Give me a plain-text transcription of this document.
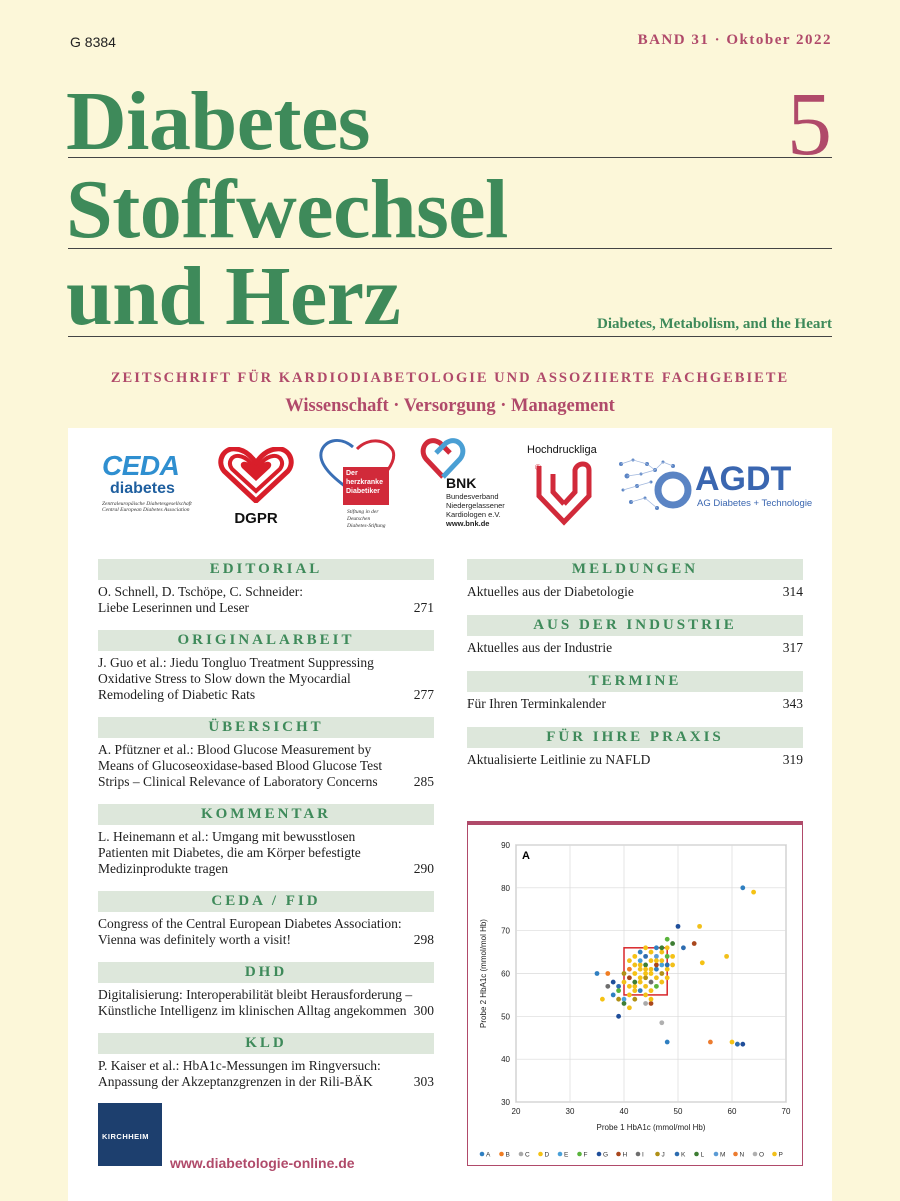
G 8384	BAND 31 · Oktober 2022
Diabetes
Stoffwechsel
und Herz
5
Diabetes, Metabolism, and the Heart
ZEITSCHRIFT FÜR KARDIODIABETOLOGIE UND ASSOZIIERTE FACHGEBIETE
Wissenschaft · Versorgung · Management
CEDA
diabetes
Zentraleuropäische Diabetesgesellschaft
Central European Diabetes Association	DGPR
Der
herzkranke
Diabetiker
Stiftung in der
Deutschen
Diabetes-Stiftung
BNK
Bundesverband
Niedergelassener
Kardiologen e.V.
www.bnk.de
Hochdruckliga
®	AGDT
AG Diabetes + Technologie
EDITORIAL
O. Schnell, D. Tschöpe, C. Schneider:
Liebe Leserinnen und Leser	271
ORIGINALARBEIT
J. Guo et al.: Jiedu Tongluo Treatment Suppressing
Oxidative Stress to Slow down the Myocardial
Remodeling of Diabetic Rats	277
ÜBERSICHT
A. Pfützner et al.: Blood Glucose Measurement by
Means of Glucoseoxidase-based Blood Glucose Test
Strips – Clinical Relevance of Laboratory Concerns	285
KOMMENTAR
L. Heinemann et al.: Umgang mit bewusstlosen
Patienten mit Diabetes, die am Körper befestigte
Medizinprodukte tragen	290
CEDA / FID
Congress of the Central European Diabetes Association:
Vienna was definitely worth a visit!	298
DHD
Digitalisierung: Interoperabilität bleibt Herausforderung –
Künstliche Intelligenz im klinischen Alltag angekommen 300
KLD
P. Kaiser et al.: HbA1c-Messungen im Ringversuch:
Anpassung der Akzeptanzgrenzen in der Rili-BÄK	303
MELDUNGEN
Aktuelles aus der Diabetologie	314
AUS DER INDUSTRIE
Aktuelles aus der Industrie	317
TERMINE
Für Ihren Terminkalender	343
FÜR IHRE PRAXIS
Aktualisierte Leitlinie zu NAFLD	319
20	30	40	50	60	70
30
40
50
60
70
80
90
A
Probe 1 HbA1c (mmol/mol Hb)
Probe 2 HbA1c (mmol/mol Hb)
A B C D E F G H I	J	K L M N O P
KIRCHHEIM
www.diabetologie-online.de
